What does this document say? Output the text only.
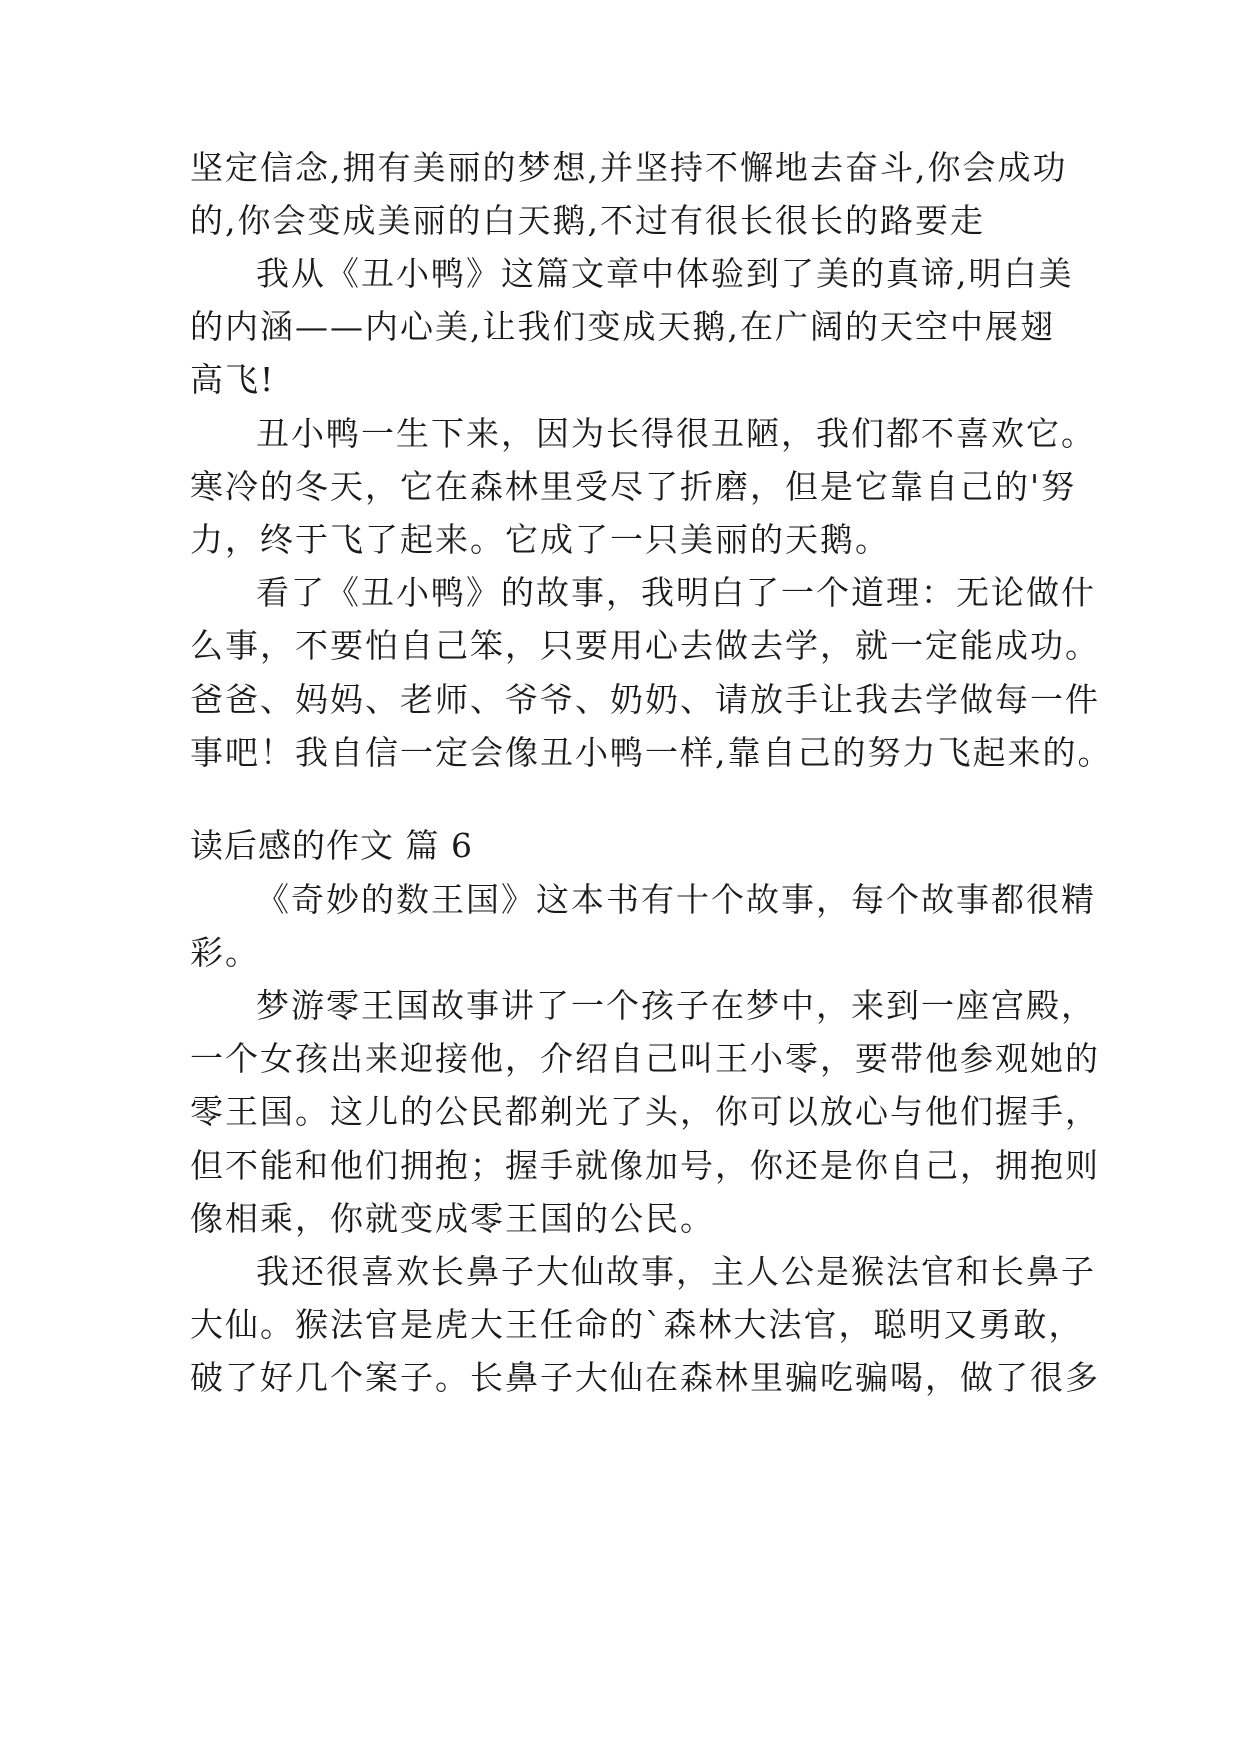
坚定信念,拥有美丽的梦想,并坚持不懈地去奋斗,你会成功
的,你会变成美丽的白天鹅,不过有很长很长的路要走
我从《丑小鸭》这篇文章中体验到了美的真谛,明白美
的内涵——内心美,让我们变成天鹅,在广阔的天空中展翅
高飞!
丑小鸭一生下来，因为长得很丑陋，我们都不喜欢它。
寒冷的冬天，它在森林里受尽了折磨，但是它靠自己的'努
力，终于飞了起来。它成了一只美丽的天鹅。
看了《丑小鸭》的故事，我明白了一个道理：无论做什
么事，不要怕自己笨，只要用心去做去学，就一定能成功。
爸爸、妈妈、老师、爷爷、奶奶、请放手让我去学做每一件
事吧！我自信一定会像丑小鸭一样,靠自己的努力飞起来的。
读后感的作文 篇 6
《奇妙的数王国》这本书有十个故事，每个故事都很精
彩。
梦游零王国故事讲了一个孩子在梦中，来到一座宫殿，
一个女孩出来迎接他，介绍自己叫王小零，要带他参观她的
零王国。这儿的公民都剃光了头，你可以放心与他们握手，
但不能和他们拥抱；握手就像加号，你还是你自己，拥抱则
像相乘，你就变成零王国的公民。
我还很喜欢长鼻子大仙故事，主人公是猴法官和长鼻子
大仙。猴法官是虎大王任命的`森林大法官，聪明又勇敢，
破了好几个案子。长鼻子大仙在森林里骗吃骗喝，做了很多
